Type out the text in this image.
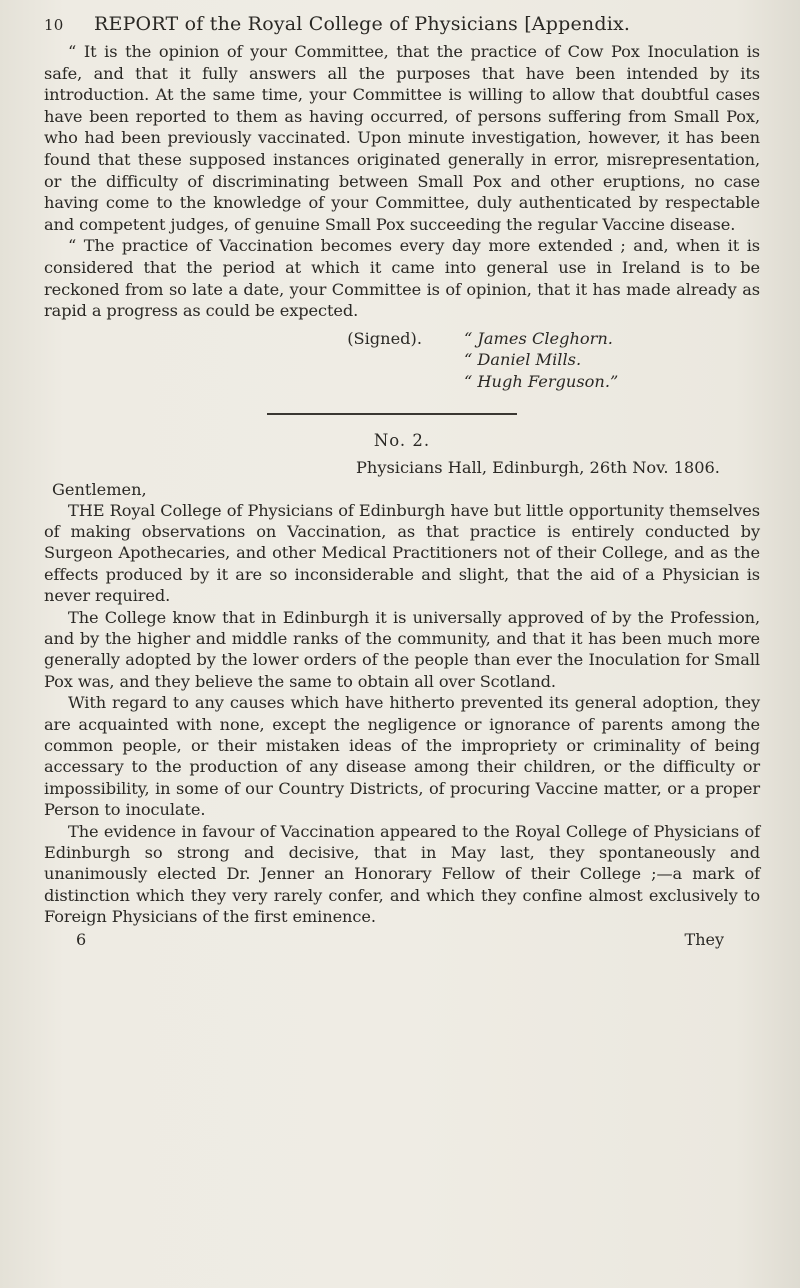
10	REPORT of the Royal College of Physicians [Appendix.

“ It is the opinion of your Committee, that the practice of Cow Pox Inoculation is safe, and that it fully answers all the purposes that have been intended by its introduction. At the same time, your Committee is willing to allow that doubtful cases have been reported to them as having occurred, of persons suffering from Small Pox, who had been previously vaccinated. Upon minute investigation, however, it has been found that these supposed instances originated generally in error, misrepresentation, or the difficulty of discriminating between Small Pox and other eruptions, no case having come to the knowledge of your Committee, duly authenticated by respectable and competent judges, of genuine Small Pox succeeding the regular Vaccine disease.

“ The practice of Vaccination becomes every day more extended ; and, when it is considered that the period at which it came into general use in Ireland is to be reckoned from so late a date, your Committee is of opinion, that it has made already as rapid a progress as could be expected.

(Signed).	“ James Cleghorn.
“ Daniel Mills.
“ Hugh Ferguson.”
No. 2.
Physicians Hall, Edinburgh, 26th Nov. 1806.
Gentlemen,

THE Royal College of Physicians of Edinburgh have but little opportunity themselves of making observations on Vaccination, as that practice is entirely conducted by Surgeon Apothecaries, and other Medical Practitioners not of their College, and as the effects produced by it are so inconsiderable and slight, that the aid of a Physician is never required.

The College know that in Edinburgh it is universally approved of by the Profession, and by the higher and middle ranks of the community, and that it has been much more generally adopted by the lower orders of the people than ever the Inoculation for Small Pox was, and they believe the same to obtain all over Scotland.

With regard to any causes which have hitherto prevented its general adoption, they are acquainted with none, except the negligence or ignorance of parents among the common people, or their mistaken ideas of the impropriety or criminality of being accessary to the production of any disease among their children, or the difficulty or impossibility, in some of our Country Districts, of procuring Vaccine matter, or a proper Person to inoculate.

The evidence in favour of Vaccination appeared to the Royal College of Physicians of Edinburgh so strong and decisive, that in May last, they spontaneously and unanimously elected Dr. Jenner an Honorary Fellow of their College ;—a mark of distinction which they very rarely confer, and which they confine almost exclusively to Foreign Physicians of the first eminence.

6	They
